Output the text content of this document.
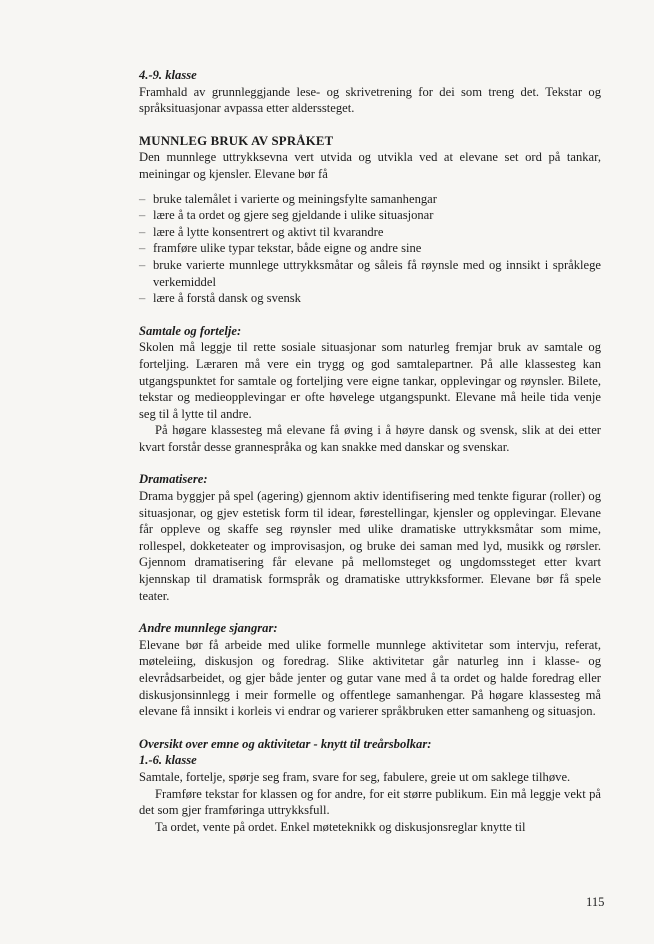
4.-9. klasse

Framhald av grunnleggjande lese- og skrivetrening for dei som treng det. Tekstar og språksituasjonar avpassa etter alderssteget.

MUNNLEG BRUK AV SPRÅKET

Den munnlege uttrykksevna vert utvida og utvikla ved at elevane set ord på tankar, meiningar og kjensler. Elevane bør få

– bruke talemålet i varierte og meiningsfylte samanhengar
– lære å ta ordet og gjere seg gjeldande i ulike situasjonar
– lære å lytte konsentrert og aktivt til kvarandre
– framføre ulike typar tekstar, både eigne og andre sine
– bruke varierte munnlege uttrykksmåtar og såleis få røynsle med og innsikt i språklege verkemiddel
– lære å forstå dansk og svensk
Samtale og forteljе:

Skolen må leggje til rette sosiale situasjonar som naturleg fremjar bruk av samtale og forteljing. Læraren må vere ein trygg og god samtalepartner. På alle klassesteg kan utgangspunktet for samtale og forteljing vere eigne tankar, opplevingar og røynsler. Bilete, tekstar og medieopplevingar er ofte høvelege utgangspunkt. Elevane må heile tida venje seg til å lytte til andre.

På høgare klassesteg må elevane få øving i å høyre dansk og svensk, slik at dei etter kvart forstår desse grannespråka og kan snakke med danskar og svenskar.

Dramatisere:

Drama byggjer på spel (agering) gjennom aktiv identifisering med tenkte figurar (roller) og situasjonar, og gjev estetisk form til idear, førestellingar, kjensler og opplevingar. Elevane får oppleve og skaffe seg røynsler med ulike dramatiske uttrykksmåtar som mime, rollespel, dokketeater og improvisasjon, og bruke dei saman med lyd, musikk og rørsler. Gjennom dramatisering får elevane på mellomsteget og ungdomssteget etter kvart kjennskap til dramatisk formspråk og dramatiske uttrykksformer. Elevane bør få spele teater.

Andre munnlege sjangrar:

Elevane bør få arbeide med ulike formelle munnlege aktivitetar som intervju, referat, møteleiing, diskusjon og foredrag. Slike aktivitetar går naturleg inn i klasse- og elevrådsarbeidet, og gjer både jenter og gutar vane med å ta ordet og halde foredrag eller diskusjonsinnlegg i meir formelle og offentlege samanhengar. På høgare klassesteg må elevane få innsikt i korleis vi endrar og varierer språkbruken etter samanheng og situasjon.

Oversikt over emne og aktivitetar - knytt til treårsbolkar:
1.-6. klasse

Samtale, fortelje, spørje seg fram, svare for seg, fabulere, greie ut om saklege tilhøve.

Framføre tekstar for klassen og for andre, for eit større publikum. Ein må leggje vekt på det som gjer framføringa uttrykksfull.

Ta ordet, vente på ordet. Enkel møteteknikk og diskusjonsreglar knytte til

115
